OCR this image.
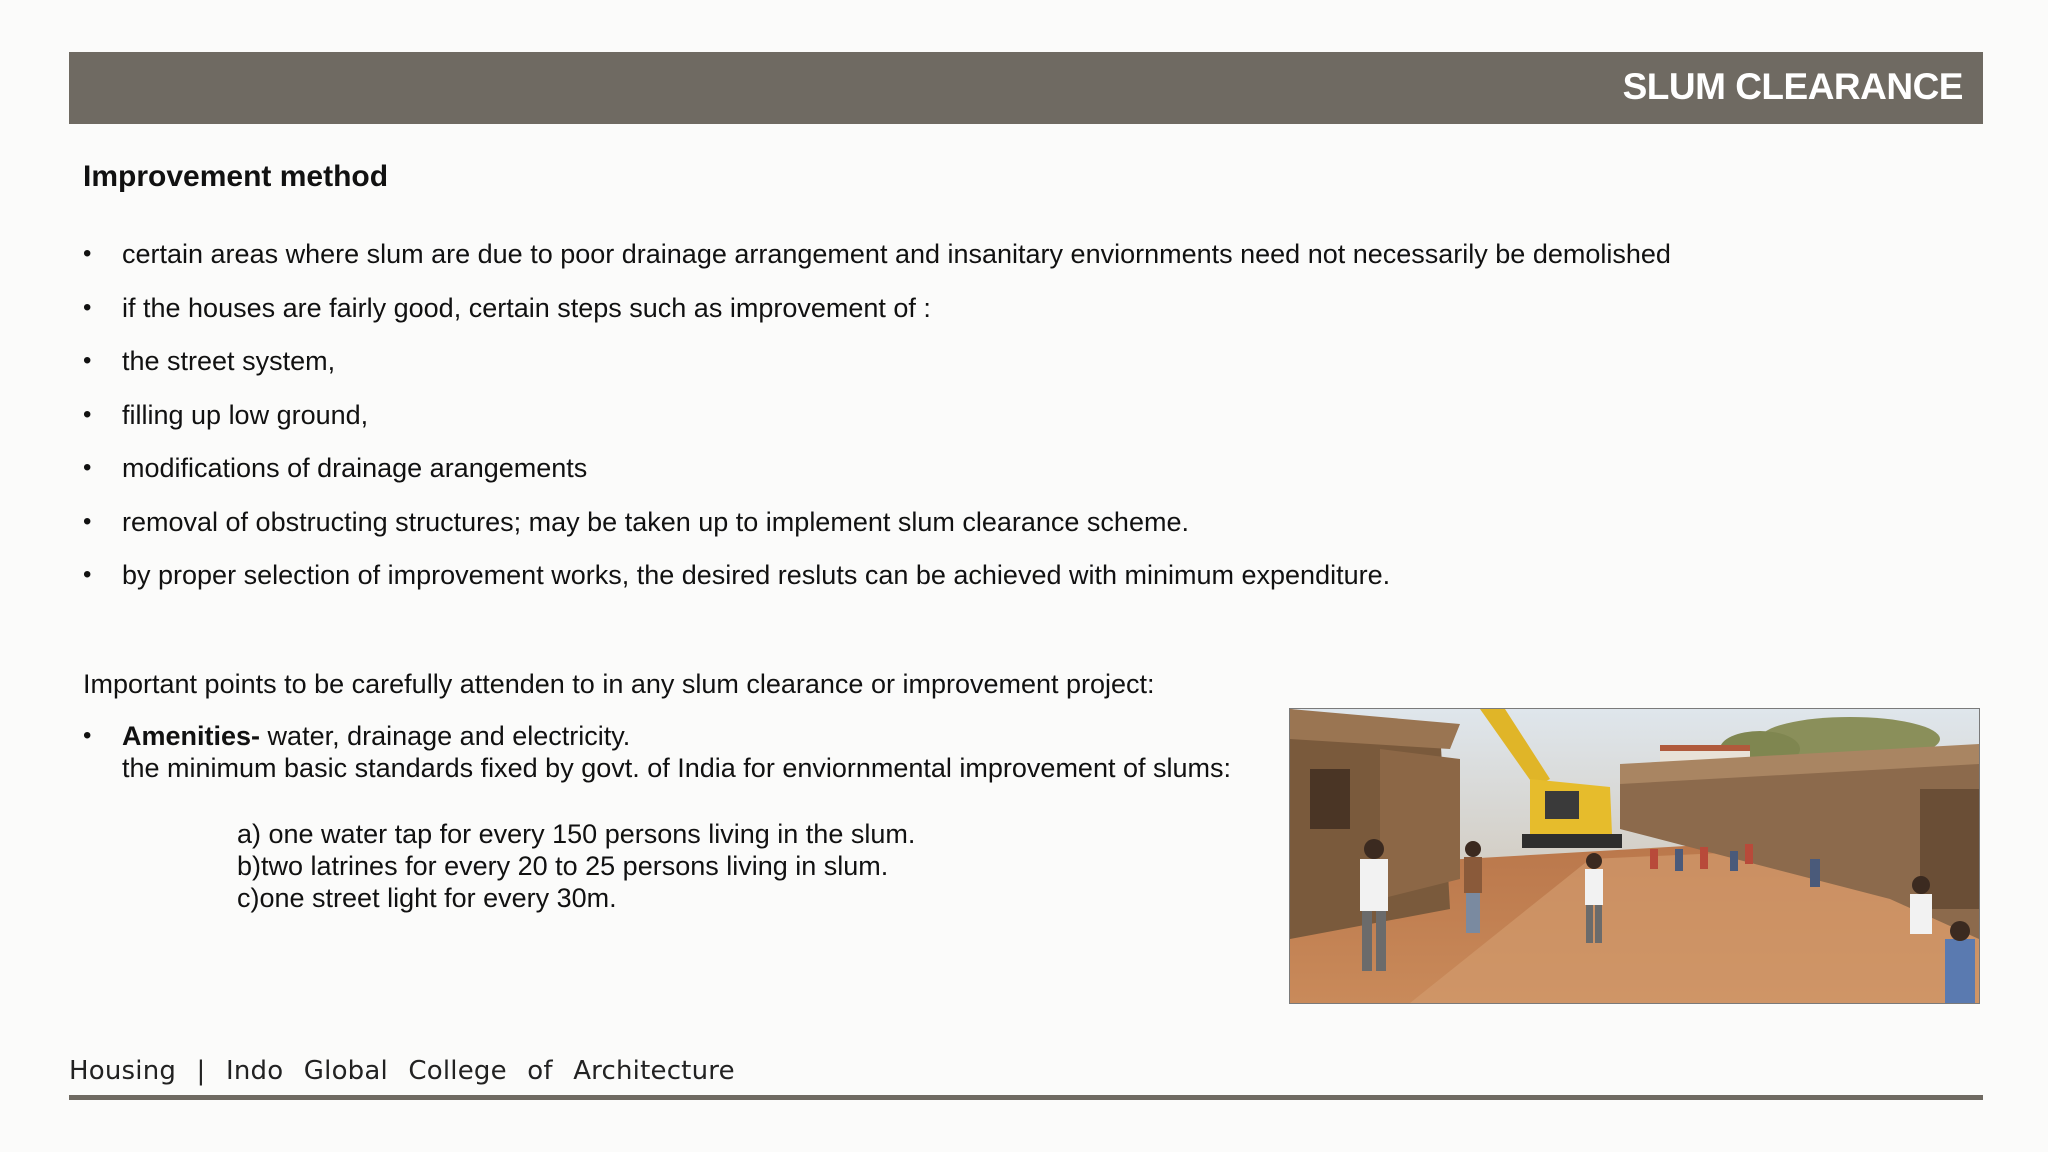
SLUM CLEARANCE
Improvement method
• certain areas where slum are due to poor drainage arrangement and insanitary enviornments need not necessarily be demolished
• if the houses are fairly good, certain steps such as improvement of :
• the street system,
• filling up low ground,
• modifications of drainage arangements
• removal of obstructing structures; may be taken up to implement slum clearance scheme.
• by proper selection of improvement works, the desired resluts can be achieved with minimum expenditure.
Important points to be carefully attenden to in any slum clearance or improvement project:
•	Amenities- water, drainage and electricity.
the minimum basic standards fixed by govt. of India for enviornmental improvement of slums:
a) one water tap for every 150 persons living in the slum.
b)two latrines for every 20 to 25 persons living in slum.
c)one street light for every 30m.
Housing | Indo Global College of Architecture
